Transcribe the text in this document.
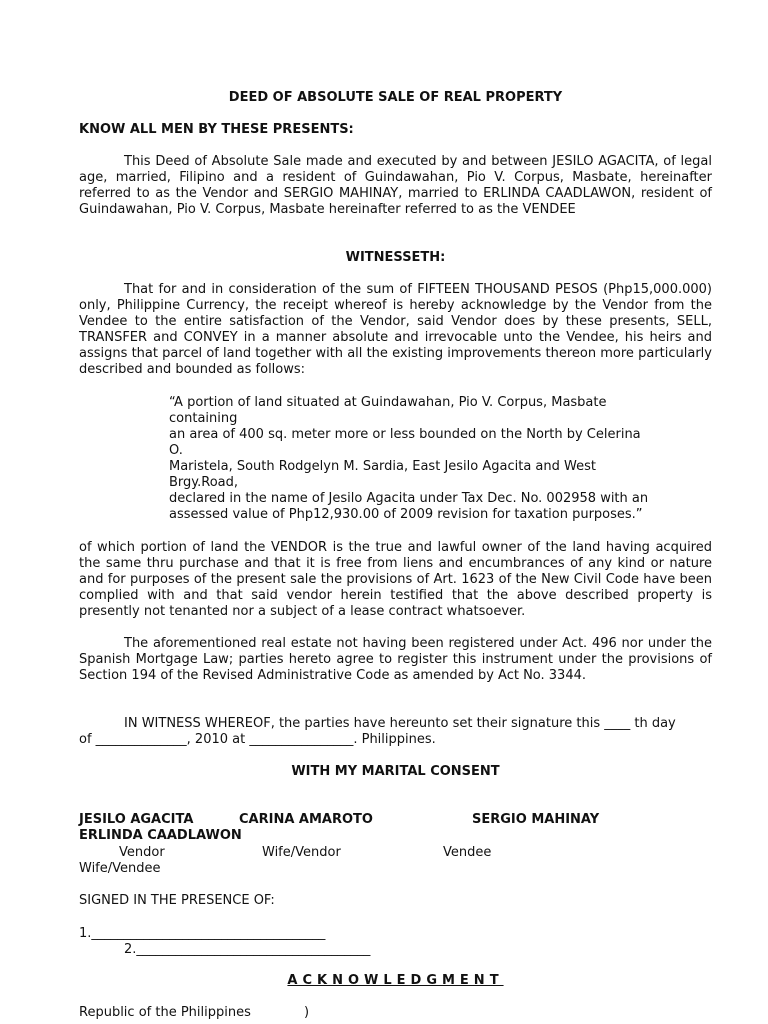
DEED OF ABSOLUTE SALE OF REAL PROPERTY
KNOW ALL MEN BY THESE PRESENTS:
This Deed of Absolute Sale made and executed by and between JESILO AGACITA, of legal age, married, Filipino and a resident of Guindawahan, Pio V. Corpus, Masbate, hereinafter referred to as the Vendor and SERGIO MAHINAY, married to ERLINDA CAADLAWON, resident of Guindawahan, Pio V. Corpus, Masbate hereinafter referred to as the VENDEE
WITNESSETH:
That for and in consideration of the sum of FIFTEEN THOUSAND PESOS (Php15,000.000) only, Philippine Currency, the receipt whereof is hereby acknowledge by the Vendor from the Vendee to the entire satisfaction of the Vendor, said Vendor does by these presents, SELL, TRANSFER and CONVEY in a manner absolute and irrevocable unto the Vendee, his heirs and assigns that parcel of land together with all the existing improvements thereon more particularly described and bounded as follows:
“A portion of land situated at Guindawahan, Pio V. Corpus, Masbate
containing
an area of 400 sq. meter more or less bounded on the North by Celerina
O.
Maristela, South Rodgelyn M. Sardia, East Jesilo Agacita and West
Brgy.Road,
declared in the name of Jesilo Agacita under Tax Dec. No. 002958 with an
assessed value of Php12,930.00 of 2009 revision for taxation purposes.”
of which portion of land the VENDOR is the true and lawful owner of the land having acquired the same thru purchase and that it is free from liens and encumbrances of any kind or nature and for purposes of the present sale the provisions of Art. 1623 of the New Civil Code have been complied with and that said vendor herein testified that the above described property is presently not tenanted nor a subject of a lease contract whatsoever.
The aforementioned real estate not having been registered under Act. 496 nor under the Spanish Mortgage Law; parties hereto agree to register this instrument under the provisions of Section 194 of the Revised Administrative Code as amended by Act No. 3344.
IN WITNESS WHEREOF, the parties have hereunto set their signature this ____ th day
of ______________, 2010 at ________________. Philippines.
WITH MY MARITAL CONSENT
JESILO AGACITA	CARINA AMAROTO	SERGIO MAHINAY
ERLINDA CAADLAWON
Vendor	Wife/Vendor	Vendee
Wife/Vendee
SIGNED IN THE PRESENCE OF:
1.____________________________________
2.____________________________________
ACKNOWLEDGMENT
Republic of the Philippines	)
